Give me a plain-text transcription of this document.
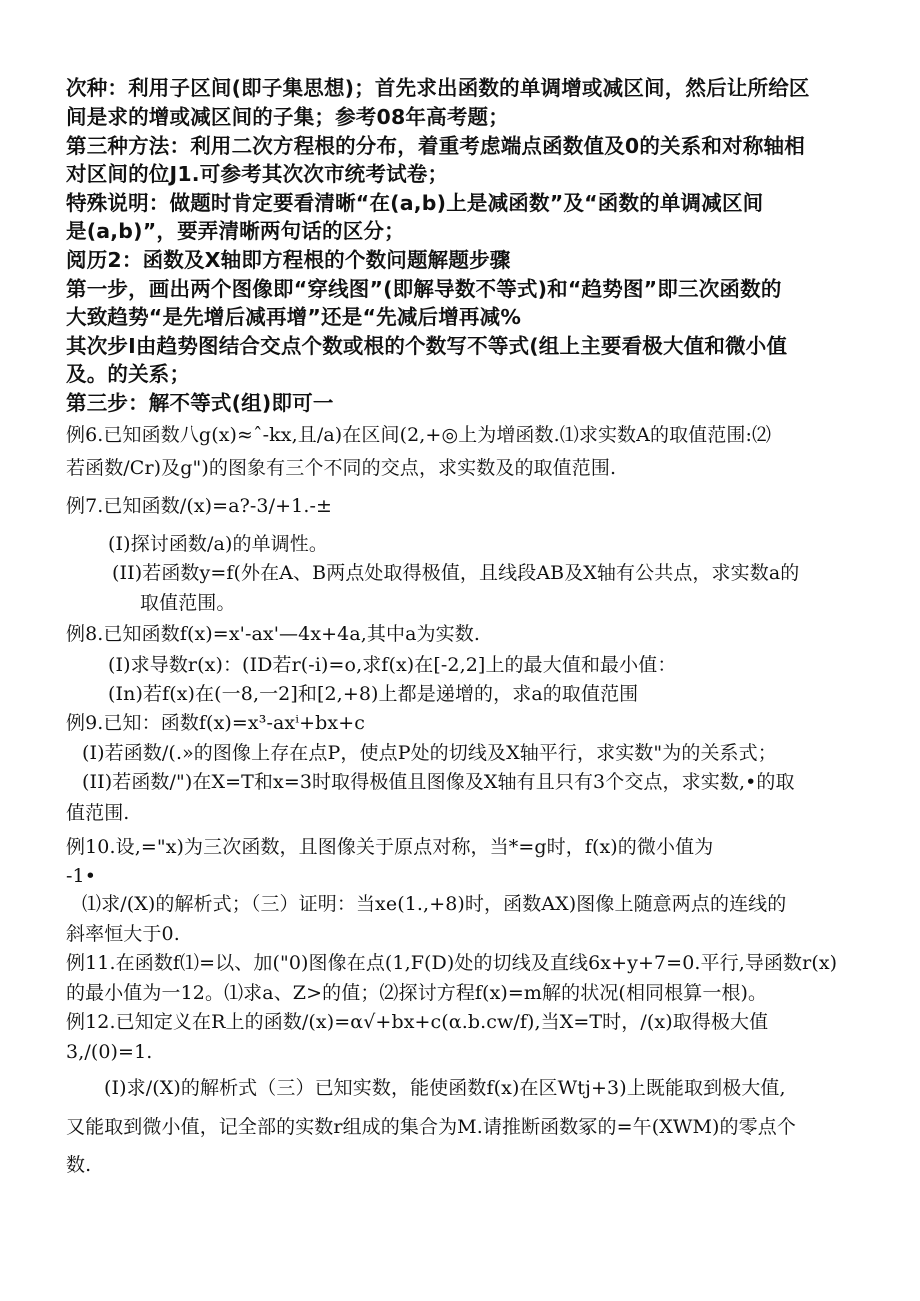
次种：利用子区间(即子集思想)；首先求出函数的单调增或减区间，然后让所给区
间是求的增或减区间的子集；参考08年高考题；
第三种方法：利用二次方程根的分布，着重考虑端点函数值及0的关系和对称轴相
对区间的位J1.可参考其次次市统考试卷；
特殊说明：做题时肯定要看清晰“在(a,b)上是减函数”及“函数的单调减区间
是(a,b)”，要弄清晰两句话的区分；
阅历2：函数及X轴即方程根的个数问题解题步骤
第一步，画出两个图像即“穿线图”(即解导数不等式)和“趋势图”即三次函数的
大致趋势“是先增后减再增”还是“先减后增再减%
其次步I由趋势图结合交点个数或根的个数写不等式(组上主要看极大值和微小值
及。的关系；
第三步：解不等式(组)即可一
例6.已知函数八g(x)≈ˆ-kx,且/a)在区间(2,+◎上为增函数.⑴求实数A的取值范围:⑵
若函数/Cr)及g")的图象有三个不同的交点，求实数及的取值范围.
例7.已知函数/(x)=a?-3/+1.-±
(I)探讨函数/a)的单调性。
(II)若函数y=f(外在A、B两点处取得极值，且线段AB及X轴有公共点，求实数a的
取值范围。
例8.已知函数f(x)=x'-ax'—4x+4a,其中a为实数.
(I)求导数r(x)：(ID若r(-i)=o,求f(x)在[-2,2]上的最大值和最小值：
(In)若f(x)在(一8,一2]和[2,+8)上都是递增的，求a的取值范围
例9.已知：函数f(x)=x³-axⁱ+bx+c
(I)若函数/(.»的图像上存在点P，使点P处的切线及X轴平行，求实数"为的关系式；
(II)若函数/")在X=T和x=3时取得极值且图像及X轴有且只有3个交点，求实数,•的取
值范围.
例10.设,="x)为三次函数，且图像关于原点对称，当*=g时，f(x)的微小值为
-1•
⑴求/(X)的解析式；（三）证明：当xe(1.,+8)时，函数AX)图像上随意两点的连线的
斜率恒大于0.
例11.在函数f⑴=以、加("0)图像在点(1,F(D)处的切线及直线6x+y+7=0.平行,导函数r(x)
的最小值为一12。⑴求a、Z>的值；⑵探讨方程f(x)=m解的状况(相同根算一根)。
例12.已知定义在R上的函数/(x)=α√+bx+c(α.b.cw/f),当X=T时，/(x)取得极大值
3,/(0)=1.
(I)求/(X)的解析式（三）已知实数，能使函数f(x)在区Wtj+3)上既能取到极大值,
又能取到微小值，记全部的实数r组成的集合为M.请推断函数冢的=午(XWM)的零点个
数.
